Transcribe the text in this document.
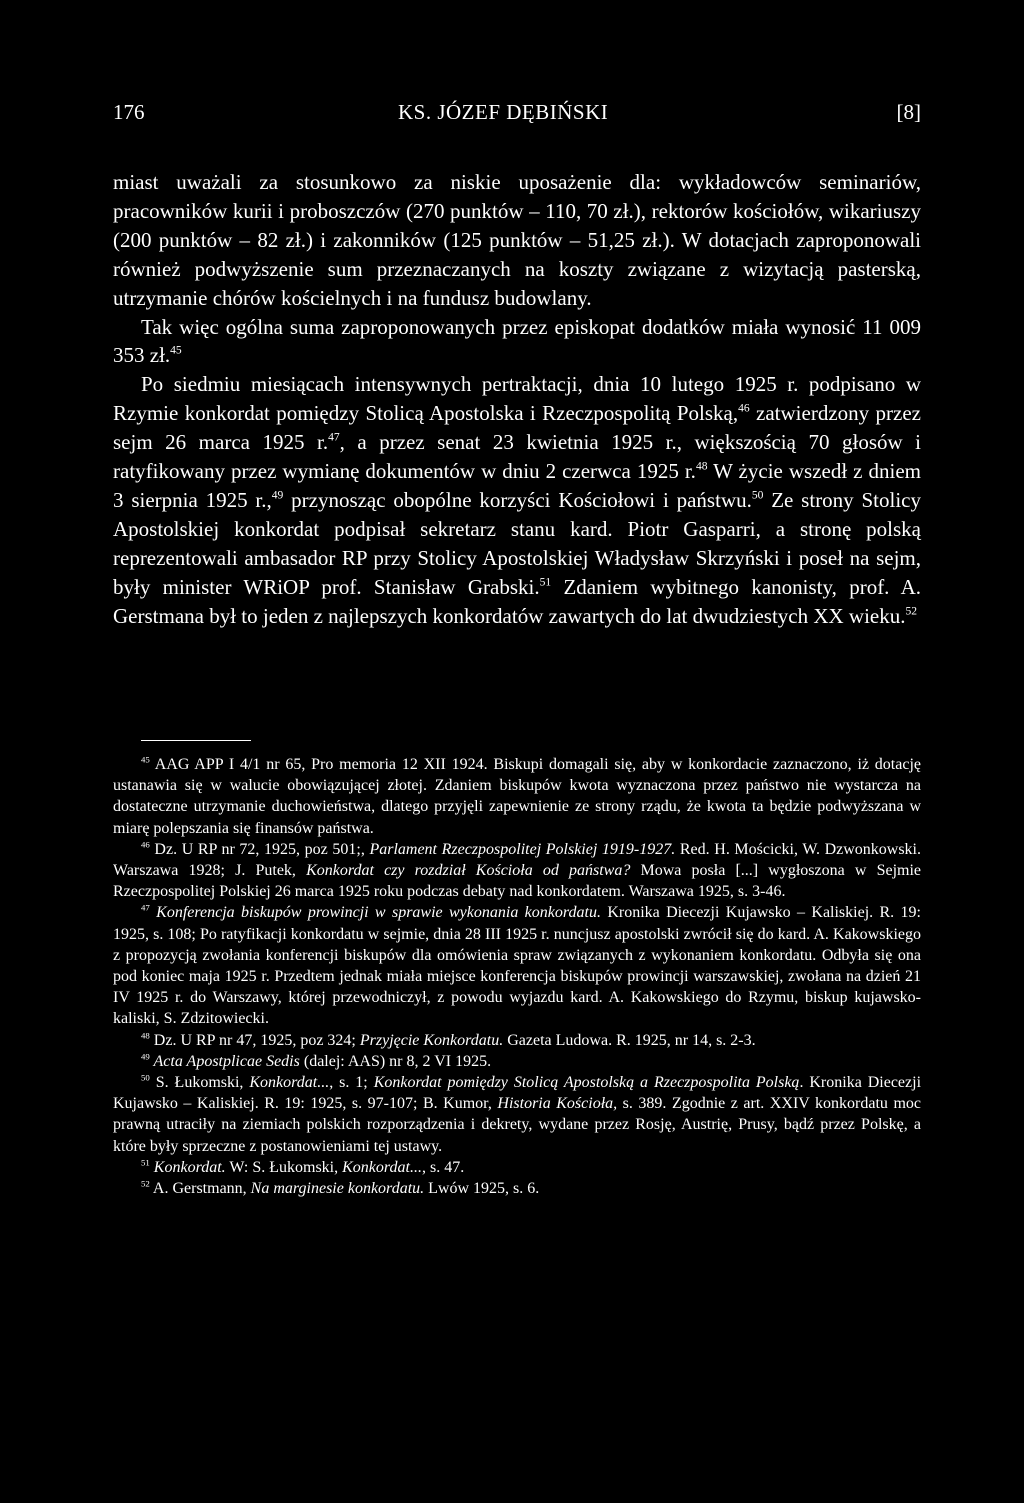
176	KS. JÓZEF DĘBIŃSKI	[8]

miast uważali za stosunkowo za niskie uposażenie dla: wykładowców seminariów, pracowników kurii i proboszczów (270 punktów – 110, 70 zł.), rektorów kościołów, wikariuszy (200 punktów – 82 zł.) i zakonników (125 punktów – 51,25 zł.). W dotacjach zaproponowali również podwyższenie sum przeznaczanych na koszty związane z wizytacją pasterską, utrzymanie chórów kościelnych i na fundusz budowlany.

Tak więc ogólna suma zaproponowanych przez episkopat dodatków miała wynosić 11 009 353 zł.$^{45}$

Po siedmiu miesiącach intensywnych pertraktacji, dnia 10 lutego 1925 r. podpisano w Rzymie konkordat pomiędzy Stolicą Apostolska i Rzeczpospolitą Polską,$^{46}$ zatwierdzony przez sejm 26 marca 1925 r.$^{47}$, a przez senat 23 kwietnia 1925 r., większością 70 głosów i ratyfikowany przez wymianę dokumentów w dniu 2 czerwca 1925 r.$^{48}$ W życie wszedł z dniem 3 sierpnia 1925 r.,$^{49}$ przynosząc obopólne korzyści Kościołowi i państwu.$^{50}$ Ze strony Stolicy Apostolskiej konkordat podpisał sekretarz stanu kard. Piotr Gasparri, a stronę polską reprezentowali ambasador RP przy Stolicy Apostolskiej Władysław Skrzyński i poseł na sejm, były minister WRiOP prof. Stanisław Grabski.$^{51}$ Zdaniem wybitnego kanonisty, prof. A. Gerstmana był to jeden z najlepszych konkordatów zawartych do lat dwudziestych XX wieku.$^{52}$

$^{45}$ AAG APP I 4/1 nr 65, Pro memoria 12 XII 1924. Biskupi domagali się, aby w konkordacie zaznaczono, iż dotację ustanawia się w walucie obowiązującej złotej. Zdaniem biskupów kwota wyznaczona przez państwo nie wystarcza na dostateczne utrzymanie duchowieństwa, dlatego przyjęli zapewnienie ze strony rządu, że kwota ta będzie podwyższana w miarę polepszania się finansów państwa.

$^{46}$ Dz. U RP nr 72, 1925, poz 501;, Parlament Rzeczpospolitej Polskiej 1919-1927. Red. H. Mościcki, W. Dzwonkowski. Warszawa 1928; J. Putek, Konkordat czy rozdział Kościoła od państwa? Mowa posła [...] wygłoszona w Sejmie Rzeczpospolitej Polskiej 26 marca 1925 roku podczas debaty nad konkordatem. Warszawa 1925, s. 3-46.

$^{47}$ Konferencja biskupów prowincji w sprawie wykonania konkordatu. Kronika Diecezji Kujawsko – Kaliskiej. R. 19: 1925, s. 108; Po ratyfikacji konkordatu w sejmie, dnia 28 III 1925 r. nuncjusz apostolski zwrócił się do kard. A. Kakowskiego z propozycją zwołania konferencji biskupów dla omówienia spraw związanych z wykonaniem konkordatu. Odbyła się ona pod koniec maja 1925 r. Przedtem jednak miała miejsce konferencja biskupów prowincji warszawskiej, zwołana na dzień 21 IV 1925 r. do Warszawy, której przewodniczył, z powodu wyjazdu kard. A. Kakowskiego do Rzymu, biskup kujawsko-kaliski, S. Zdzitowiecki.

$^{48}$ Dz. U RP nr 47, 1925, poz 324; Przyjęcie Konkordatu. Gazeta Ludowa. R. 1925, nr 14, s. 2-3.

$^{49}$ Acta Apostplicae Sedis (dalej: AAS) nr 8, 2 VI 1925.

$^{50}$ S. Łukomski, Konkordat..., s. 1; Konkordat pomiędzy Stolicą Apostolską a Rzeczpospolita Polską. Kronika Diecezji Kujawsko – Kaliskiej. R. 19: 1925, s. 97-107; B. Kumor, Historia Kościoła, s. 389. Zgodnie z art. XXIV konkordatu moc prawną utraciły na ziemiach polskich rozporządzenia i dekrety, wydane przez Rosję, Austrię, Prusy, bądź przez Polskę, a które były sprzeczne z postanowieniami tej ustawy.

$^{51}$ Konkordat. W: S. Łukomski, Konkordat..., s. 47.

$^{52}$ A. Gerstmann, Na marginesie konkordatu. Lwów 1925, s. 6.
